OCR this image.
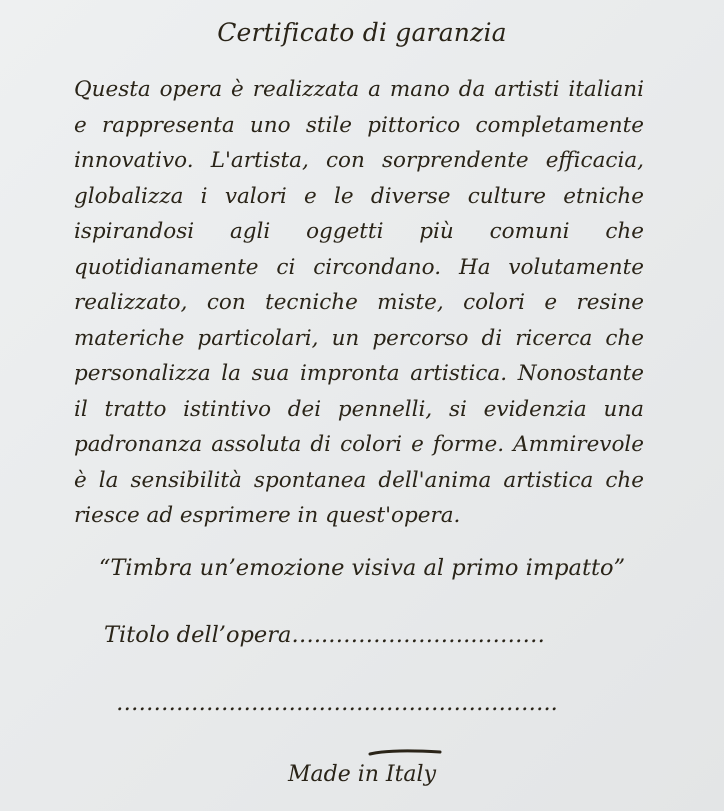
Certificato di garanzia
Questa opera è realizzata a mano da artisti italiani e rappresenta uno stile pittorico completamente innovativo. L'artista, con sorprendente efficacia, globalizza i valori e le diverse culture etniche ispirandosi agli oggetti più comuni che quotidianamente ci circondano. Ha volutamente realizzato, con tecniche miste, colori e resine materiche particolari, un percorso di ricerca che personalizza la sua impronta artistica. Nonostante il tratto istintivo dei pennelli, si evidenzia una padronanza assoluta di colori e forme. Ammirevole è la sensibilità spontanea dell'anima artistica che riesce ad esprimere in quest'opera.
“Timbra un’emozione visiva al primo impatto”
Titolo dell’opera…..………………..………
…………………………………………………..
Made in Italy
